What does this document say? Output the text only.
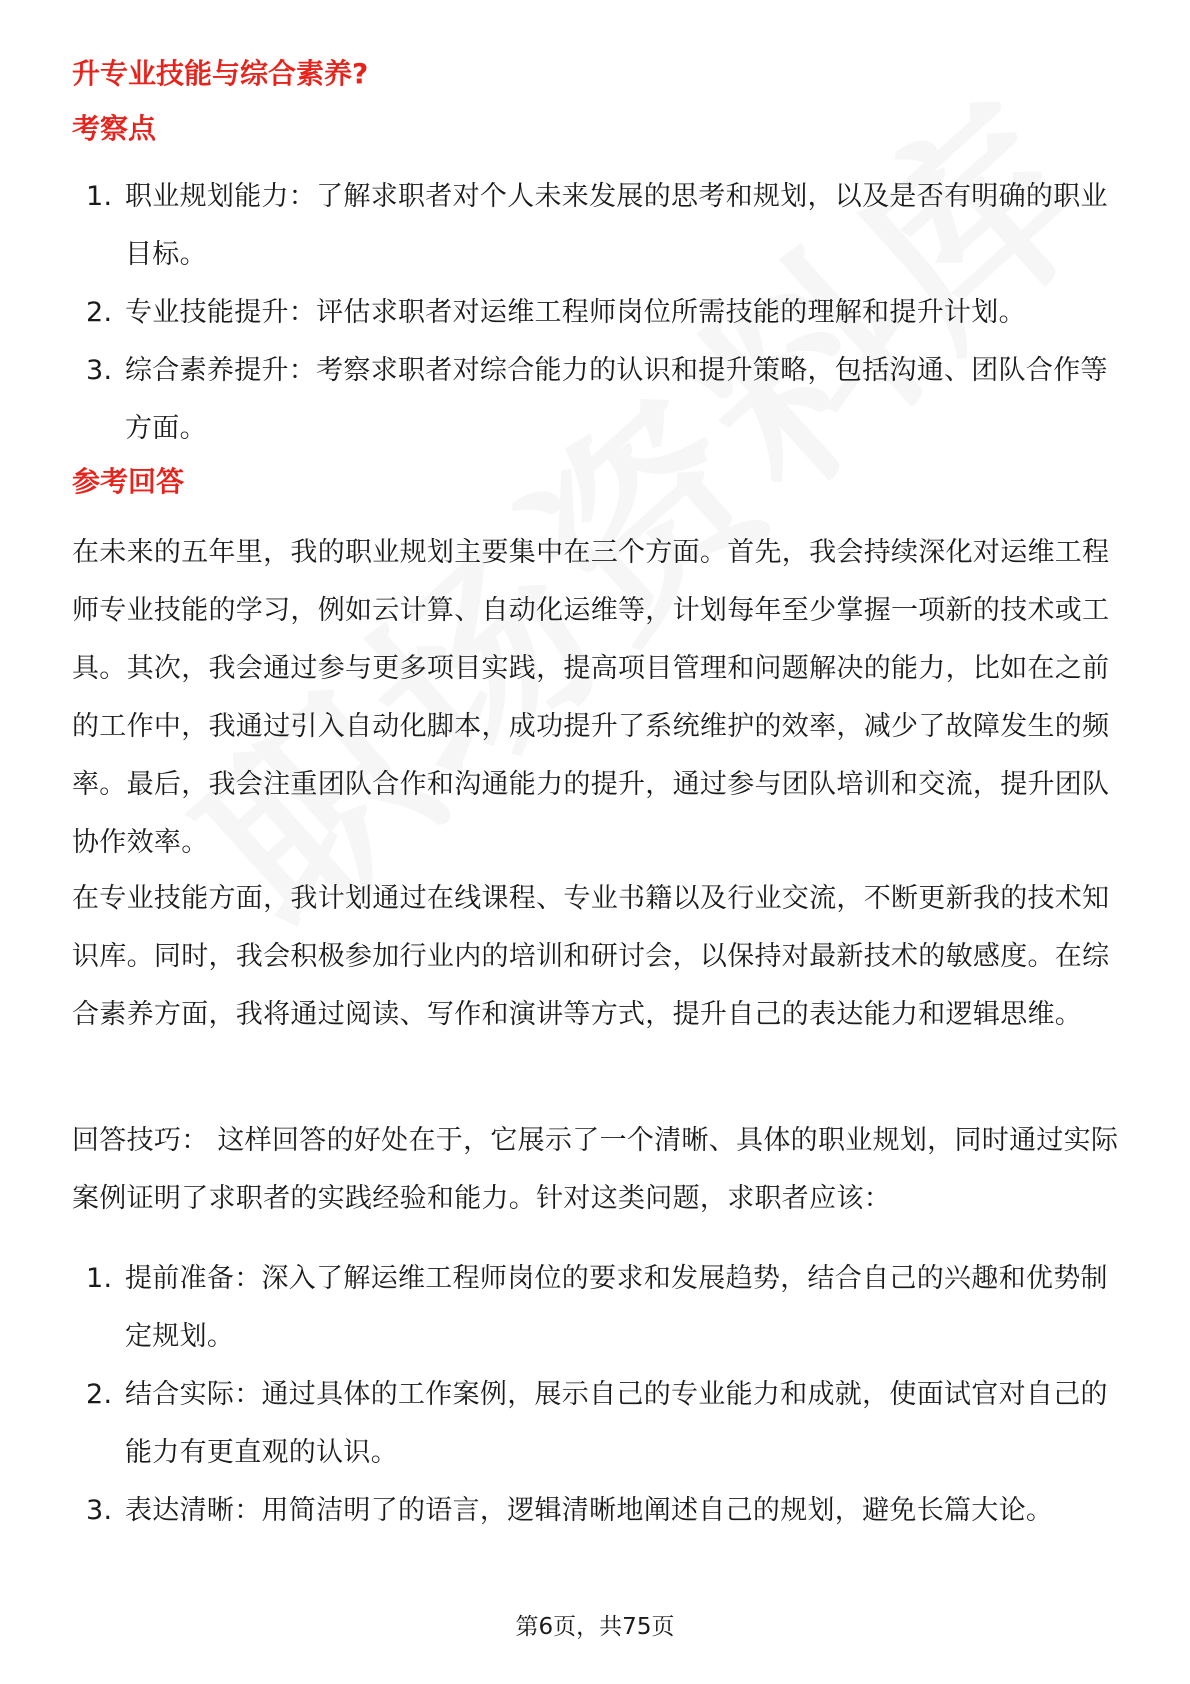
升专业技能与综合素养?
考察点
1. 职业规划能力：了解求职者对个人未来发展的思考和规划，以及是否有明确的职业目标。
2. 专业技能提升：评估求职者对运维工程师岗位所需技能的理解和提升计划。
3. 综合素养提升：考察求职者对综合能力的认识和提升策略，包括沟通、团队合作等方面。
参考回答

在未来的五年里，我的职业规划主要集中在三个方面。首先，我会持续深化对运维工程师专业技能的学习，例如云计算、自动化运维等，计划每年至少掌握一项新的技术或工具。其次，我会通过参与更多项目实践，提高项目管理和问题解决的能力，比如在之前的工作中，我通过引入自动化脚本，成功提升了系统维护的效率，减少了故障发生的频率。最后，我会注重团队合作和沟通能力的提升，通过参与团队培训和交流，提升团队协作效率。

在专业技能方面，我计划通过在线课程、专业书籍以及行业交流，不断更新我的技术知识库。同时，我会积极参加行业内的培训和研讨会，以保持对最新技术的敏感度。在综合素养方面，我将通过阅读、写作和演讲等方式，提升自己的表达能力和逻辑思维。

回答技巧： 这样回答的好处在于，它展示了一个清晰、具体的职业规划，同时通过实际案例证明了求职者的实践经验和能力。针对这类问题，求职者应该：

1. 提前准备：深入了解运维工程师岗位的要求和发展趋势，结合自己的兴趣和优势制定规划。
2. 结合实际：通过具体的工作案例，展示自己的专业能力和成就，使面试官对自己的能力有更直观的认识。
3. 表达清晰：用简洁明了的语言，逻辑清晰地阐述自己的规划，避免长篇大论。
第6页，共75页
